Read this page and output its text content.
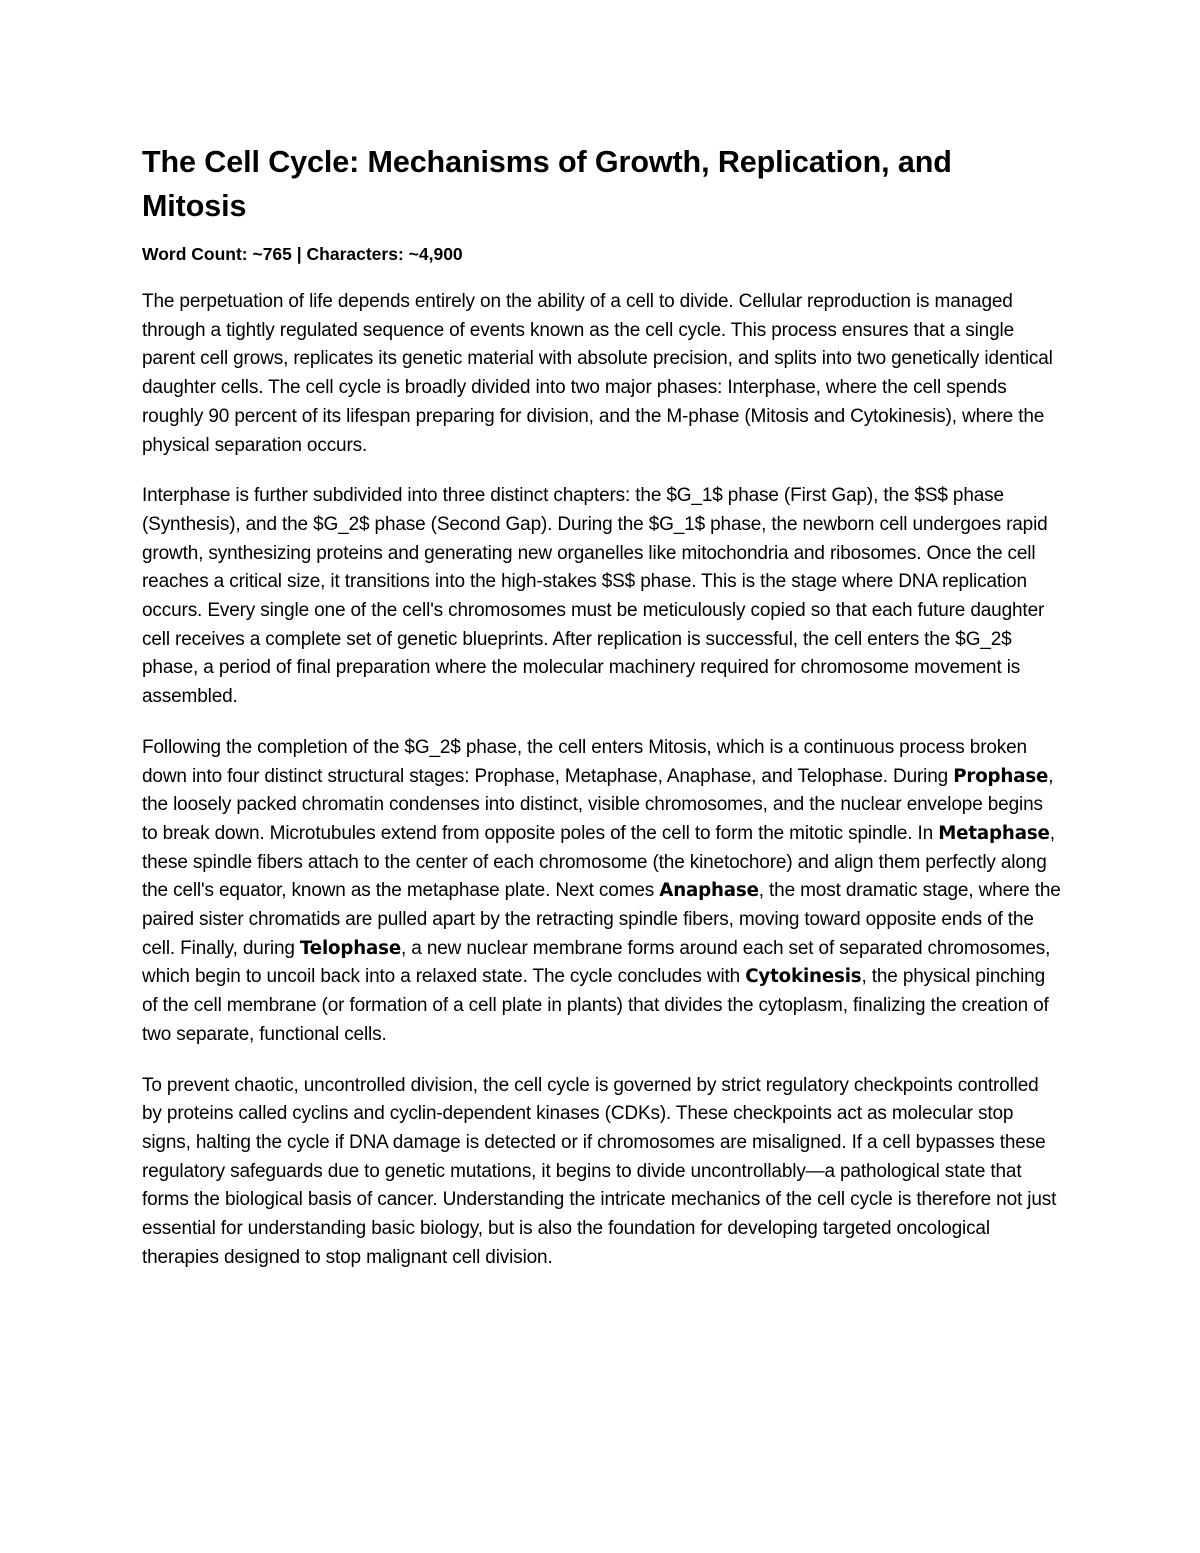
The Cell Cycle: Mechanisms of Growth, Replication, and Mitosis
Word Count: ~765 | Characters: ~4,900

The perpetuation of life depends entirely on the ability of a cell to divide. Cellular reproduction is managed through a tightly regulated sequence of events known as the cell cycle. This process ensures that a single parent cell grows, replicates its genetic material with absolute precision, and splits into two genetically identical daughter cells. The cell cycle is broadly divided into two major phases: Interphase, where the cell spends roughly 90 percent of its lifespan preparing for division, and the M-phase (Mitosis and Cytokinesis), where the physical separation occurs.

Interphase is further subdivided into three distinct chapters: the $G_1$ phase (First Gap), the $S$ phase (Synthesis), and the $G_2$ phase (Second Gap). During the $G_1$ phase, the newborn cell undergoes rapid growth, synthesizing proteins and generating new organelles like mitochondria and ribosomes. Once the cell reaches a critical size, it transitions into the high-stakes $S$ phase. This is the stage where DNA replication occurs. Every single one of the cell's chromosomes must be meticulously copied so that each future daughter cell receives a complete set of genetic blueprints. After replication is successful, the cell enters the $G_2$ phase, a period of final preparation where the molecular machinery required for chromosome movement is assembled.

Following the completion of the $G_2$ phase, the cell enters Mitosis, which is a continuous process broken down into four distinct structural stages: Prophase, Metaphase, Anaphase, and Telophase. During Prophase, the loosely packed chromatin condenses into distinct, visible chromosomes, and the nuclear envelope begins to break down. Microtubules extend from opposite poles of the cell to form the mitotic spindle. In Metaphase, these spindle fibers attach to the center of each chromosome (the kinetochore) and align them perfectly along the cell's equator, known as the metaphase plate. Next comes Anaphase, the most dramatic stage, where the paired sister chromatids are pulled apart by the retracting spindle fibers, moving toward opposite ends of the cell. Finally, during Telophase, a new nuclear membrane forms around each set of separated chromosomes, which begin to uncoil back into a relaxed state. The cycle concludes with Cytokinesis, the physical pinching of the cell membrane (or formation of a cell plate in plants) that divides the cytoplasm, finalizing the creation of two separate, functional cells.

To prevent chaotic, uncontrolled division, the cell cycle is governed by strict regulatory checkpoints controlled by proteins called cyclins and cyclin-dependent kinases (CDKs). These checkpoints act as molecular stop signs, halting the cycle if DNA damage is detected or if chromosomes are misaligned. If a cell bypasses these regulatory safeguards due to genetic mutations, it begins to divide uncontrollably—a pathological state that forms the biological basis of cancer. Understanding the intricate mechanics of the cell cycle is therefore not just essential for understanding basic biology, but is also the foundation for developing targeted oncological therapies designed to stop malignant cell division.
